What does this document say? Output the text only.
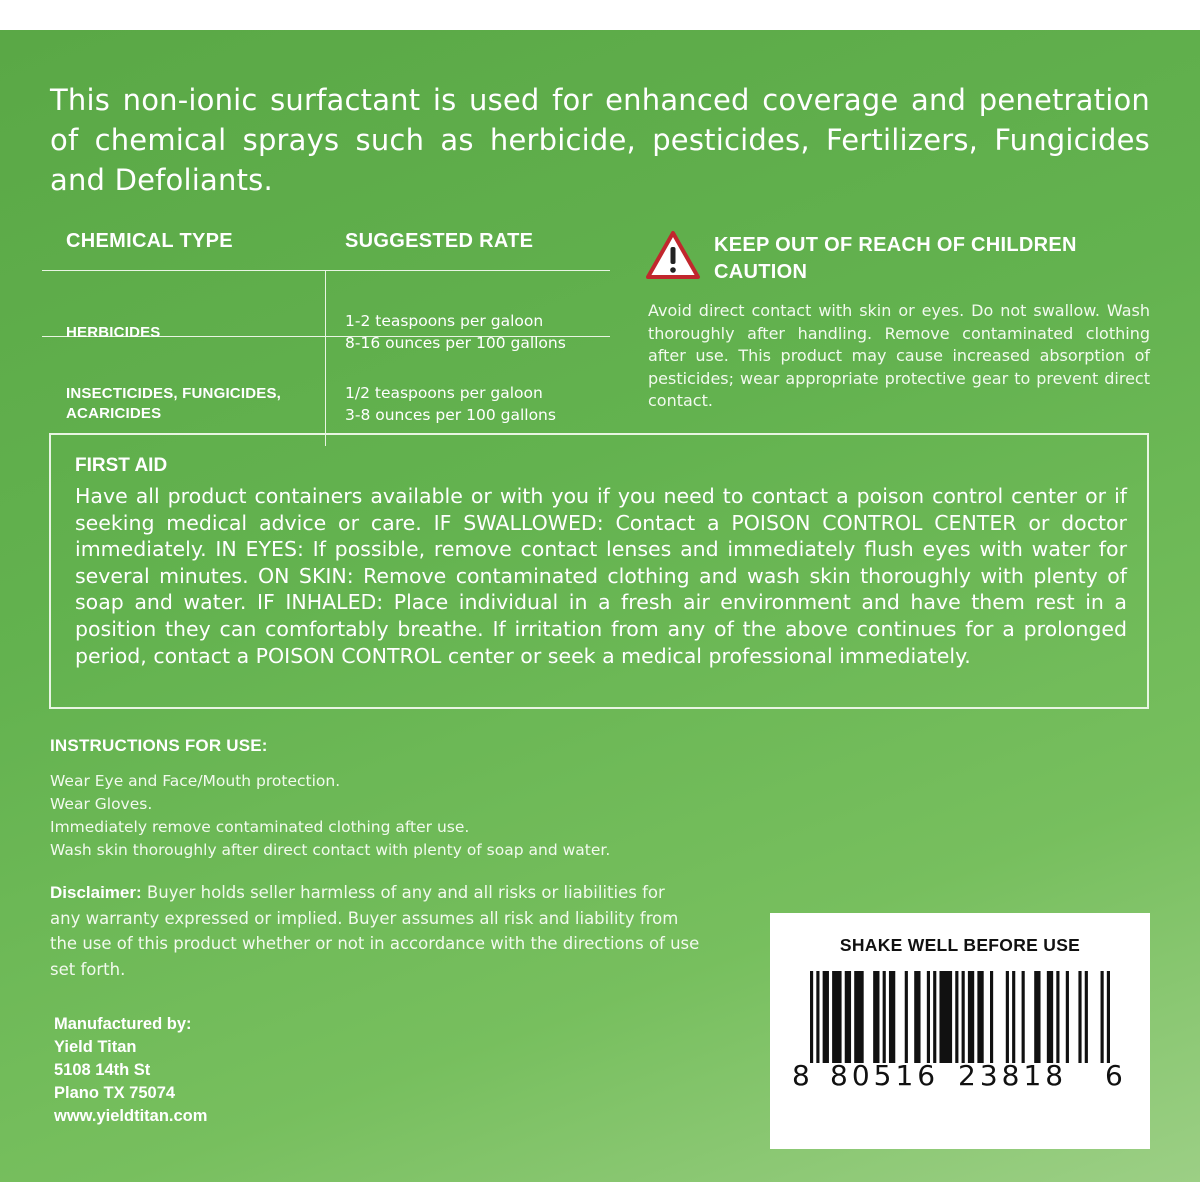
This non-ionic surfactant is used for enhanced coverage and penetration of chemical sprays such as herbicide, pesticides, Fertilizers, Fungicides and Defoliants.
CHEMICAL TYPE	SUGGESTED RATE
HERBICIDES
1-2 teaspoons per galoon
8-16 ounces per 100 gallons
INSECTICIDES, FUNGICIDES,
ACARICIDES
1/2 teaspoons per galoon
3-8 ounces per 100 gallons
KEEP OUT OF REACH OF CHILDREN
CAUTION
Avoid direct contact with skin or eyes. Do not swallow. Wash thoroughly after handling. Remove contaminated clothing after use. This product may cause increased absorption of pesticides; wear appropriate protective gear to prevent direct contact.
FIRST AID
Have all product containers available or with you if you need to contact a poison control center or if seeking medical advice or care. IF SWALLOWED: Contact a POISON CONTROL CENTER or doctor immediately. IN EYES: If possible, remove contact lenses and immediately flush eyes with water for several minutes. ON SKIN: Remove contaminated clothing and wash skin thoroughly with plenty of soap and water. IF INHALED: Place individual in a fresh air environment and have them rest in a position they can comfortably breathe. If irritation from any of the above continues for a prolonged period, contact a POISON CONTROL center or seek a medical professional immediately.
INSTRUCTIONS FOR USE:
Wear Eye and Face/Mouth protection.
Wear Gloves.
Immediately remove contaminated clothing after use.
Wash skin thoroughly after direct contact with plenty of soap and water.
Disclaimer: Buyer holds seller harmless of any and all risks or liabilities for any warranty expressed or implied. Buyer assumes all risk and liability from the use of this product whether or not in accordance with the directions of use set forth.
Manufactured by:
Yield Titan
5108 14th St
Plano TX 75074
www.yieldtitan.com
SHAKE WELL BEFORE USE
8 80516 23818 6
